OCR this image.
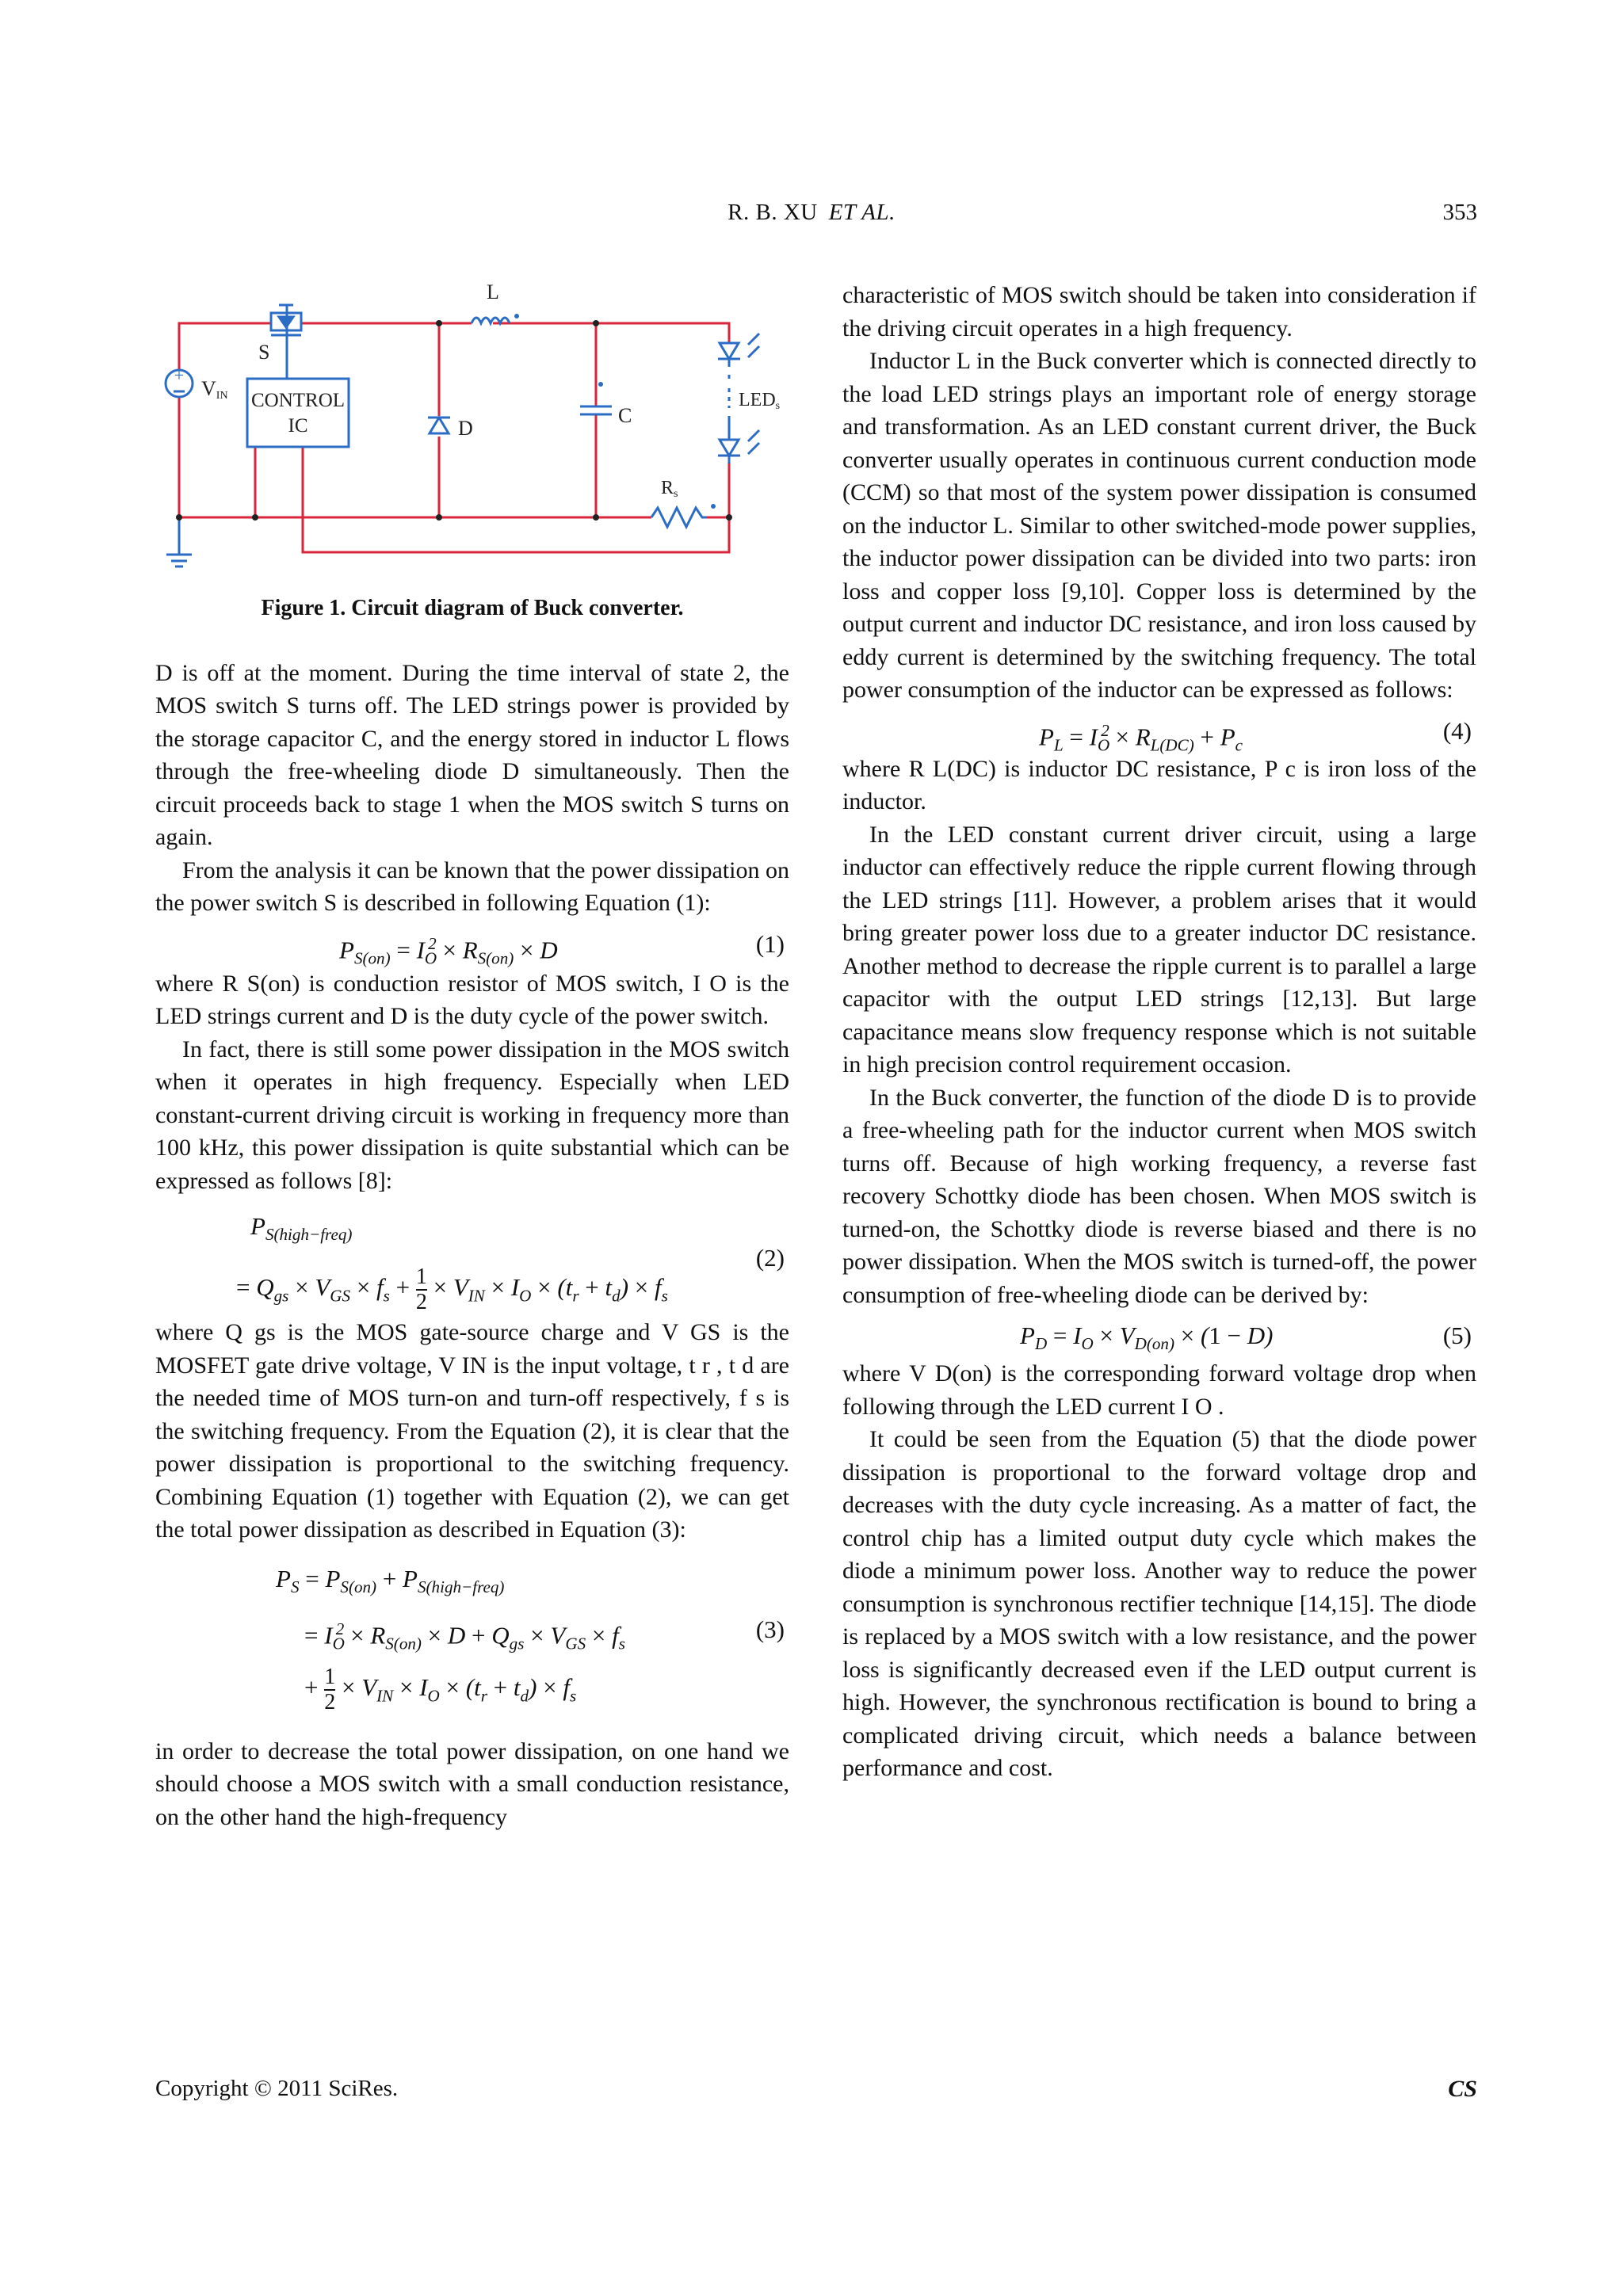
R. B. XU ET AL.	353
+
VIN
S
CONTROL
IC
L
D
C
LEDs
Rs
Figure 1. Circuit diagram of Buck converter.

D is off at the moment. During the time interval of state 2, the MOS switch S turns off. The LED strings power is provided by the storage capacitor C, and the energy stored in inductor L flows through the free-wheeling diode D simultaneously. Then the circuit proceeds back to stage 1 when the MOS switch S turns on again.

From the analysis it can be known that the power dissipation on the power switch S is described in following Equation (1):

$P_{S(on)} = I_O^2 \times R_{S(on)} \times D$	(1)

where R S(on) is conduction resistor of MOS switch, I O is the LED strings current and D is the duty cycle of the power switch.

In fact, there is still some power dissipation in the MOS switch when it operates in high frequency. Especially when LED constant-current driving circuit is working in frequency more than 100 kHz, this power dissipation is quite substantial which can be expressed as follows [8]:

$P_{S(high-freq)}$
= $Q_{gs} \times V_{GS} \times f_s + 1$

2
× $V_{IN} \times I_O \times (t_r + t_d) \times f_s$
(2)

where Q gs is the MOS gate-source charge and V GS is the MOSFET gate drive voltage, V IN is the input voltage, t r , t d are the needed time of MOS turn-on and turn-off respectively, f s is the switching frequency. From the Equation (2), it is clear that the power dissipation is proportional to the switching frequency. Combining Equation (1) together with Equation (2), we can get the total power dissipation as described in Equation (3):

$P_S = P_{S(on)} + P_{S(high-freq)}$
= $I_O^2 \times R_{S(on)} \times D + Q_{gs} \times V_{GS} \times f_s$
+ 1

2
× $V_{IN} \times I_O \times (t_r + t_d) \times f_s$
(3)

in order to decrease the total power dissipation, on one hand we should choose a MOS switch with a small conduction resistance, on the other hand the high-frequency

characteristic of MOS switch should be taken into consideration if the driving circuit operates in a high frequency.

Inductor L in the Buck converter which is connected directly to the load LED strings plays an important role of energy storage and transformation. As an LED constant current driver, the Buck converter usually operates in continuous current conduction mode (CCM) so that most of the system power dissipation is consumed on the inductor L. Similar to other switched-mode power supplies, the inductor power dissipation can be divided into two parts: iron loss and copper loss [9,10]. Copper loss is determined by the output current and inductor DC resistance, and iron loss caused by eddy current is determined by the switching frequency. The total power consumption of the inductor can be expressed as follows:

$P_L = I_O^2 \times R_{L(DC)} + P_c$
(4)

where R L(DC) is inductor DC resistance, P c is iron loss of the inductor.

In the LED constant current driver circuit, using a large inductor can effectively reduce the ripple current flowing through the LED strings [11]. However, a problem arises that it would bring greater power loss due to a greater inductor DC resistance. Another method to decrease the ripple current is to parallel a large capacitor with the output LED strings [12,13]. But large capacitance means slow frequency response which is not suitable in high precision control requirement occasion.

In the Buck converter, the function of the diode D is to provide a free-wheeling path for the inductor current when MOS switch turns off. Because of high working frequency, a reverse fast recovery Schottky diode has been chosen. When MOS switch is turned-on, the Schottky diode is reverse biased and there is no power dissipation. When the MOS switch is turned-off, the power consumption of free-wheeling diode can be derived by:

$P_D = I_O \times V_{D(on)} \times (1 - D)$	(5)

where V D(on) is the corresponding forward voltage drop when following through the LED current I O .

It could be seen from the Equation (5) that the diode power dissipation is proportional to the forward voltage drop and decreases with the duty cycle increasing. As a matter of fact, the control chip has a limited output duty cycle which makes the diode a minimum power loss. Another way to reduce the power consumption is synchronous rectifier technique [14,15]. The diode is replaced by a MOS switch with a low resistance, and the power loss is significantly decreased even if the LED output current is high. However, the synchronous rectification is bound to bring a complicated driving circuit, which needs a balance between performance and cost.

Copyright © 2011 SciRes.	CS
